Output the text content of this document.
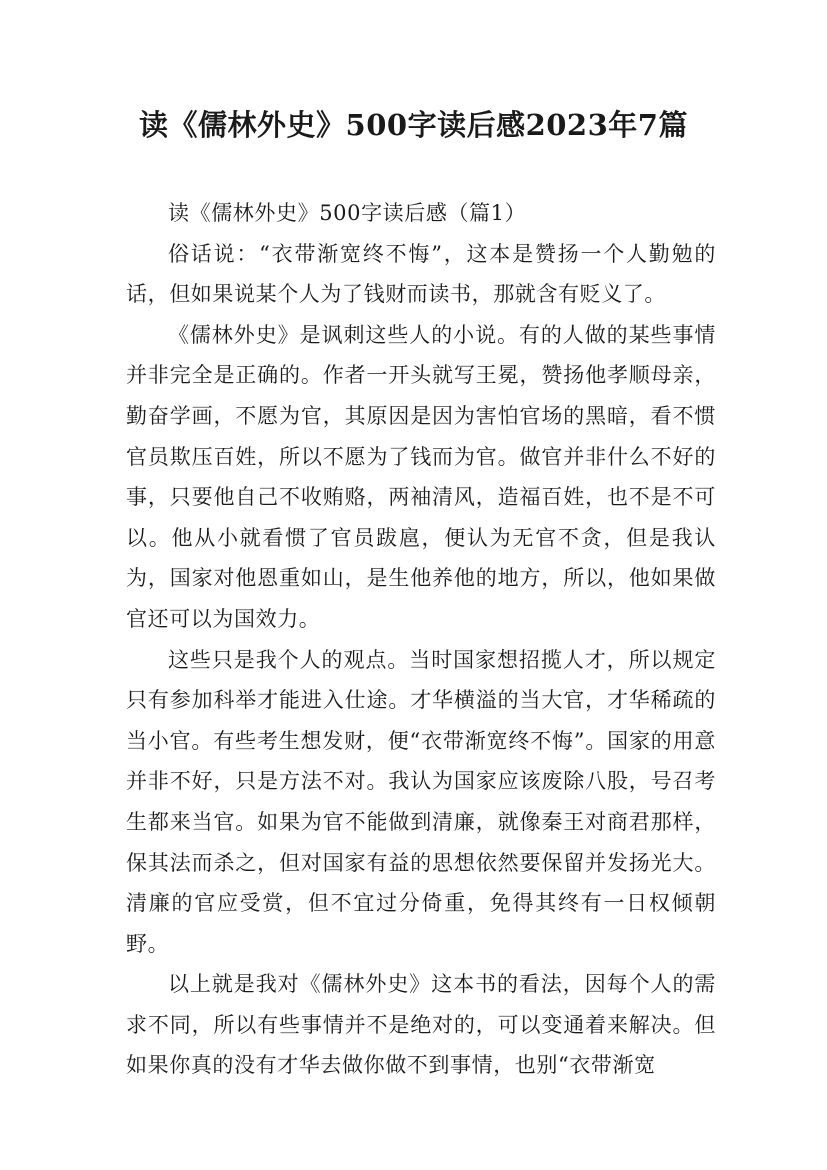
读《儒林外史》500字读后感2023年7篇

读《儒林外史》500字读后感（篇1）

俗话说：“衣带渐宽终不悔”，这本是赞扬一个人勤勉的话，但如果说某个人为了钱财而读书，那就含有贬义了。

《儒林外史》是讽刺这些人的小说。有的人做的某些事情并非完全是正确的。作者一开头就写王冕，赞扬他孝顺母亲，勤奋学画，不愿为官，其原因是因为害怕官场的黑暗，看不惯官员欺压百姓，所以不愿为了钱而为官。做官并非什么不好的事，只要他自己不收贿赂，两袖清风，造福百姓，也不是不可以。他从小就看惯了官员跋扈，便认为无官不贪，但是我认为，国家对他恩重如山，是生他养他的地方，所以，他如果做官还可以为国效力。

这些只是我个人的观点。当时国家想招揽人才，所以规定只有参加科举才能进入仕途。才华横溢的当大官，才华稀疏的当小官。有些考生想发财，便“衣带渐宽终不悔”。国家的用意并非不好，只是方法不对。我认为国家应该废除八股，号召考生都来当官。如果为官不能做到清廉，就像秦王对商君那样，保其法而杀之，但对国家有益的思想依然要保留并发扬光大。清廉的官应受赏，但不宜过分倚重，免得其终有一日权倾朝野。

以上就是我对《儒林外史》这本书的看法，因每个人的需求不同，所以有些事情并不是绝对的，可以变通着来解决。但如果你真的没有才华去做你做不到事情，也别“衣带渐宽
